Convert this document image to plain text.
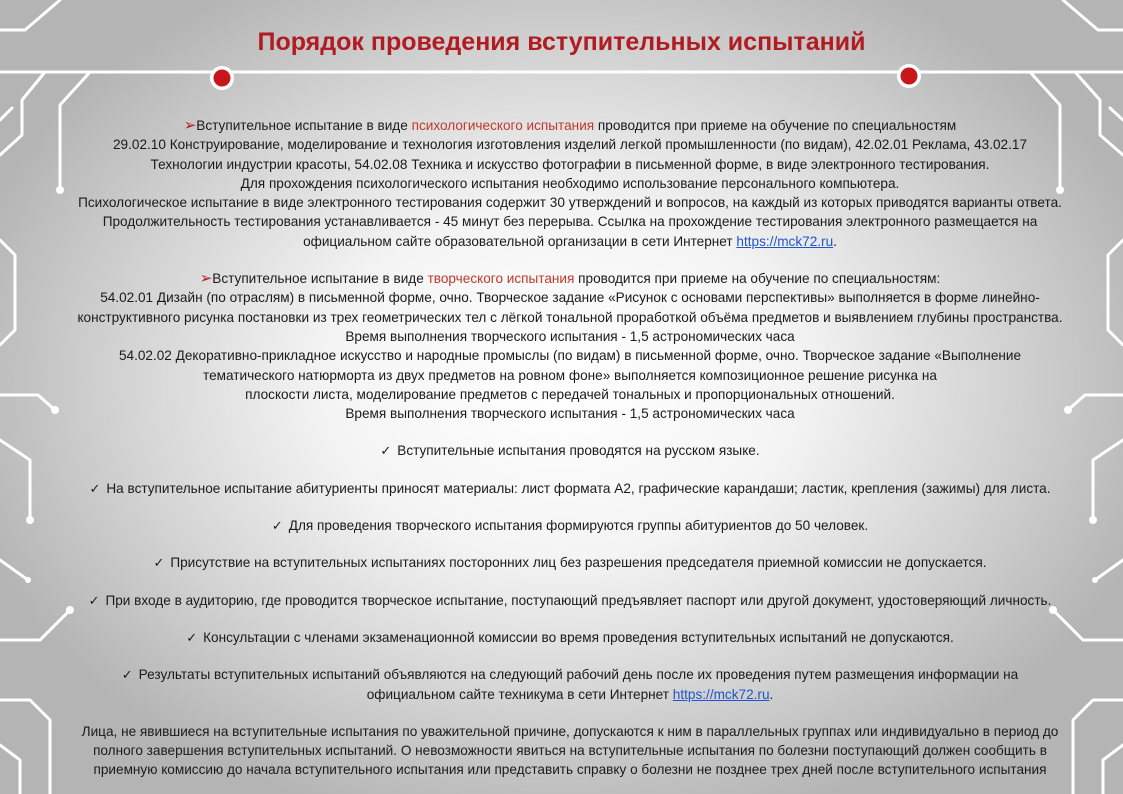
Порядок проведения вступительных испытаний

➢Вступительное испытание в виде психологического испытания проводится при приеме на обучение по специальностям

29.02.10 Конструирование, моделирование и технология изготовления изделий легкой промышленности (по видам), 42.02.01 Реклама, 43.02.17

Технологии индустрии красоты, 54.02.08 Техника и искусство фотографии в письменной форме, в виде электронного тестирования.

Для прохождения психологического испытания необходимо использование персонального компьютера.

Психологическое испытание в виде электронного тестирования содержит 30 утверждений и вопросов, на каждый из которых приводятся варианты ответа.

Продолжительность тестирования устанавливается - 45 минут без перерыва. Ссылка на прохождение тестирования электронного размещается на

официальном сайте образовательной организации в сети Интернет https://mck72.ru.

➢Вступительное испытание в виде творческого испытания проводится при приеме на обучение по специальностям:

54.02.01 Дизайн (по отраслям) в письменной форме, очно. Творческое задание «Рисунок с основами перспективы» выполняется в форме линейно-

конструктивного рисунка постановки из трех геометрических тел с лёгкой тональной проработкой объёма предметов и выявлением глубины пространства.

Время выполнения творческого испытания - 1,5 астрономических часа

54.02.02 Декоративно-прикладное искусство и народные промыслы (по видам) в письменной форме, очно. Творческое задание «Выполнение

тематического натюрморта из двух предметов на ровном фоне» выполняется композиционное решение рисунка на

плоскости листа, моделирование предметов с передачей тональных и пропорциональных отношений.

Время выполнения творческого испытания - 1,5 астрономических часа

✓ Вступительные испытания проводятся на русском языке.

✓ На вступительное испытание абитуриенты приносят материалы: лист формата А2, графические карандаши; ластик, крепления (зажимы) для листа.

✓ Для проведения творческого испытания формируются группы абитуриентов до 50 человек.

✓ Присутствие на вступительных испытаниях посторонних лиц без разрешения председателя приемной комиссии не допускается.

✓ При входе в аудиторию, где проводится творческое испытание, поступающий предъявляет паспорт или другой документ, удостоверяющий личность.

✓ Консультации с членами экзаменационной комиссии во время проведения вступительных испытаний не допускаются.

✓ Результаты вступительных испытаний объявляются на следующий рабочий день после их проведения путем размещения информации на

официальном сайте техникума в сети Интернет https://mck72.ru.

Лица, не явившиеся на вступительные испытания по уважительной причине, допускаются к ним в параллельных группах или индивидуально в период до

полного завершения вступительных испытаний. О невозможности явиться на вступительные испытания по болезни поступающий должен сообщить в

приемную комиссию до начала вступительного испытания или представить справку о болезни не позднее трех дней после вступительного испытания
